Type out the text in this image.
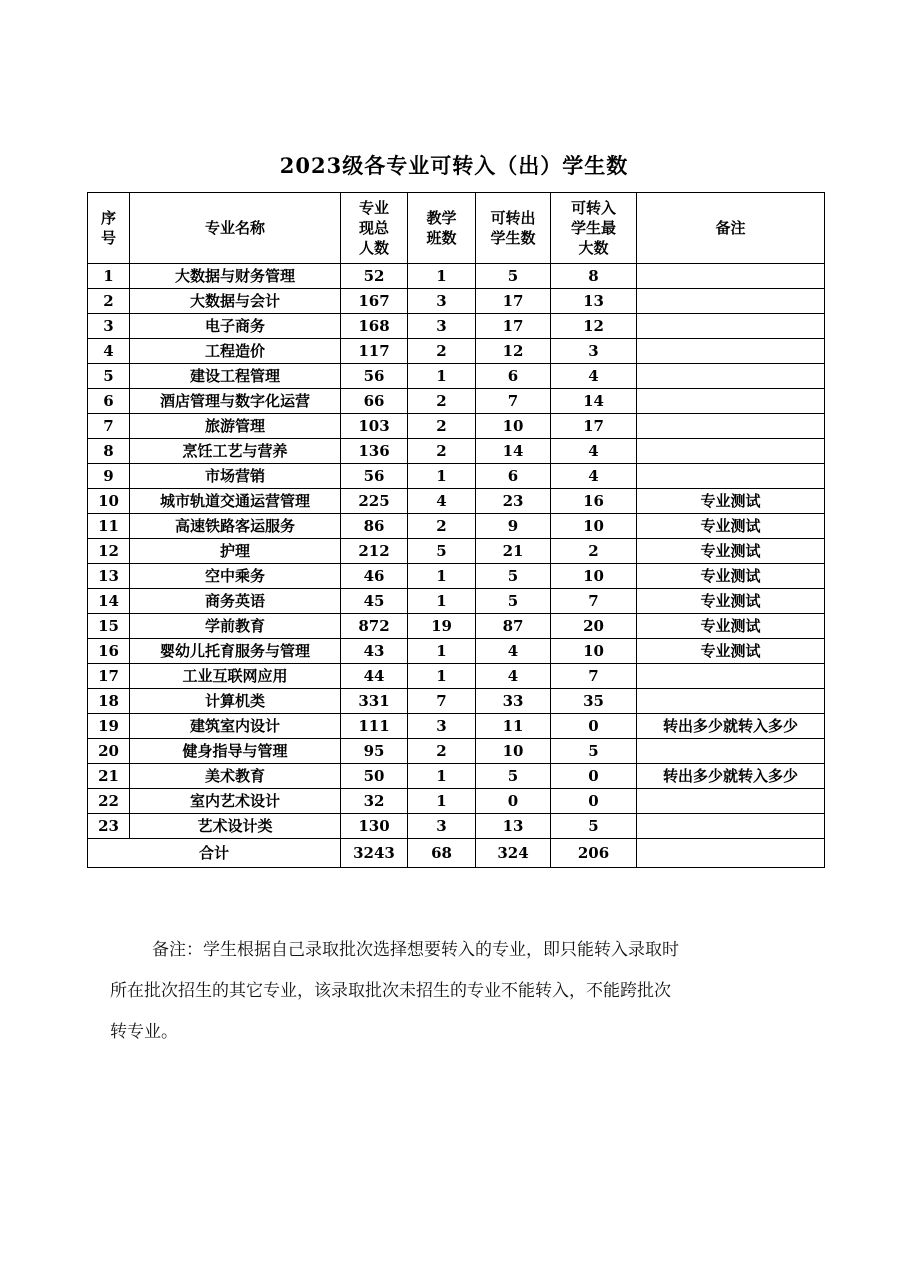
2023级各专业可转入（出）学生数
序号	专业名称	专业现总人数	教学班数	可转出学生数	可转入学生最大数	备注
1	大数据与财务管理	52	1	5	8	
2	大数据与会计	167	3	17	13	
3	电子商务	168	3	17	12	
4	工程造价	117	2	12	3	
5	建设工程管理	56	1	6	4	
6	酒店管理与数字化运营	66	2	7	14	
7	旅游管理	103	2	10	17	
8	烹饪工艺与营养	136	2	14	4	
9	市场营销	56	1	6	4	
10	城市轨道交通运营管理	225	4	23	16	专业测试
11	高速铁路客运服务	86	2	9	10	专业测试
12	护理	212	5	21	2	专业测试
13	空中乘务	46	1	5	10	专业测试
14	商务英语	45	1	5	7	专业测试
15	学前教育	872	19	87	20	专业测试
16	婴幼儿托育服务与管理	43	1	4	10	专业测试
17	工业互联网应用	44	1	4	7	
18	计算机类	331	7	33	35	
19	建筑室内设计	111	3	11	0	转出多少就转入多少
20	健身指导与管理	95	2	10	5	
21	美术教育	50	1	5	0	转出多少就转入多少
22	室内艺术设计	32	1	0	0	
23	艺术设计类	130	3	13	5	
合计		3243	68	324	206	
备注：学生根据自己录取批次选择想要转入的专业，即只能转入录取时
所在批次招生的其它专业，该录取批次未招生的专业不能转入，不能跨批次
转专业。
